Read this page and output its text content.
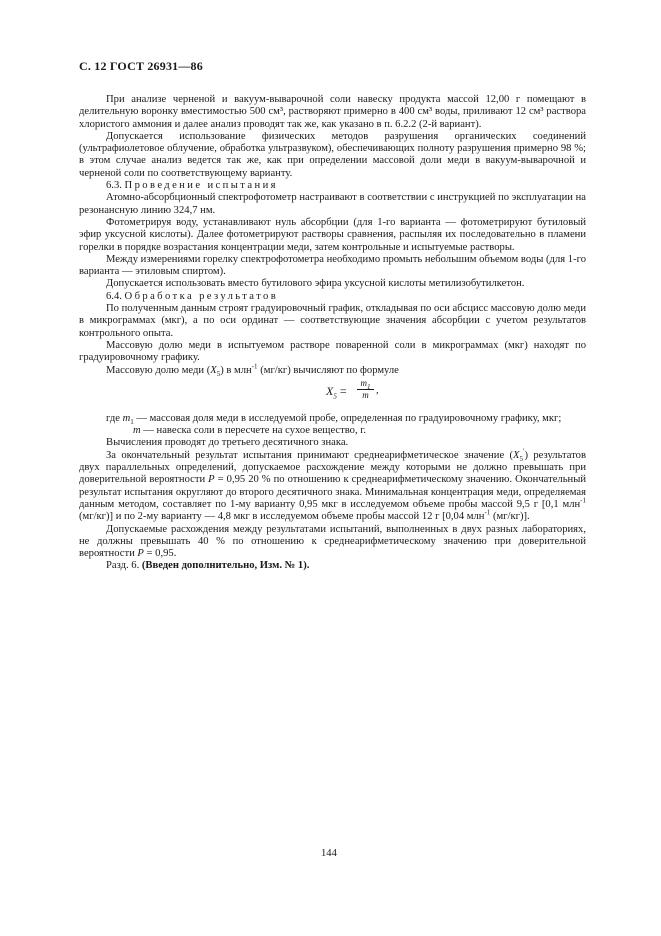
С. 12 ГОСТ 26931—86

При анализе черненой и вакуум-выварочной соли навеску продукта массой 12,00 г помещают в делительную воронку вместимостью 500 см³, растворяют примерно в 400 см³ воды, приливают 12 см³ раствора хлористого аммония и далее анализ проводят так же, как указано в п. 6.2.2 (2-й вариант).

Допускается использование физических методов разрушения органических соединений (ультрафиолетовое облучение, обработка ультразвуком), обеспечивающих полноту разрушения примерно 98 %; в этом случае анализ ведется так же, как при определении массовой доли меди в вакуум-выварочной и черненой соли по соответствующему варианту.

6.3. Проведение испытания

Атомно-абсорбционный спектрофотометр настраивают в соответствии с инструкцией по эксплуатации на резонансную линию 324,7 нм.

Фотометрируя воду, устанавливают нуль абсорбции (для 1-го варианта — фотометрируют бутиловый эфир уксусной кислоты). Далее фотометрируют растворы сравнения, распыляя их последовательно в пламени горелки в порядке возрастания концентрации меди, затем контрольные и испытуемые растворы.

Между измерениями горелку спектрофотометра необходимо промыть небольшим объемом воды (для 1-го варианта — этиловым спиртом).

Допускается использовать вместо бутилового эфира уксусной кислоты метилизобутилкетон.

6.4. Обработка результатов

По полученным данным строят градуировочный график, откладывая по оси абсцисс массовую долю меди в микрограммах (мкг), а по оси ординат — соответствующие значения абсорбции с учетом результатов контрольного опыта.

Массовую долю меди в испытуемом растворе поваренной соли в микрограммах (мкг) находят по градуировочному графику.

Массовую долю меди $(X_5)$ в млн$^{-1}$ (мг/кг) вычисляют по формуле

$X_5 = \frac{m_1}{m}$ ,

где $m_1$ — массовая доля меди в исследуемой пробе, определенная по градуировочному графику, мкг;

m — навеска соли в пересчете на сухое вещество, г.

Вычисления проводят до третьего десятичного знака.

За окончательный результат испытания принимают среднеарифметическое значение $(X_5')$ результатов двух параллельных определений, допускаемое расхождение между которыми не должно превышать при доверительной вероятности P = 0,95 20 % по отношению к среднеарифметическому значению. Окончательный результат испытания округляют до второго десятичного знака. Минимальная концентрация меди, определяемая данным методом, составляет по 1-му варианту 0,95 мкг в исследуемом объеме пробы массой 9,5 г [0,1 млн$^{-1}$ (мг/кг)] и по 2-му варианту — 4,8 мкг в исследуемом объеме пробы массой 12 г [0,04 млн$^{-1}$ (мг/кг)].

Допускаемые расхождения между результатами испытаний, выполненных в двух разных лабораториях, не должны превышать 40 % по отношению к среднеарифметическому значению при доверительной вероятности P = 0,95.

Разд. 6. (Введен дополнительно, Изм. № 1).

144
